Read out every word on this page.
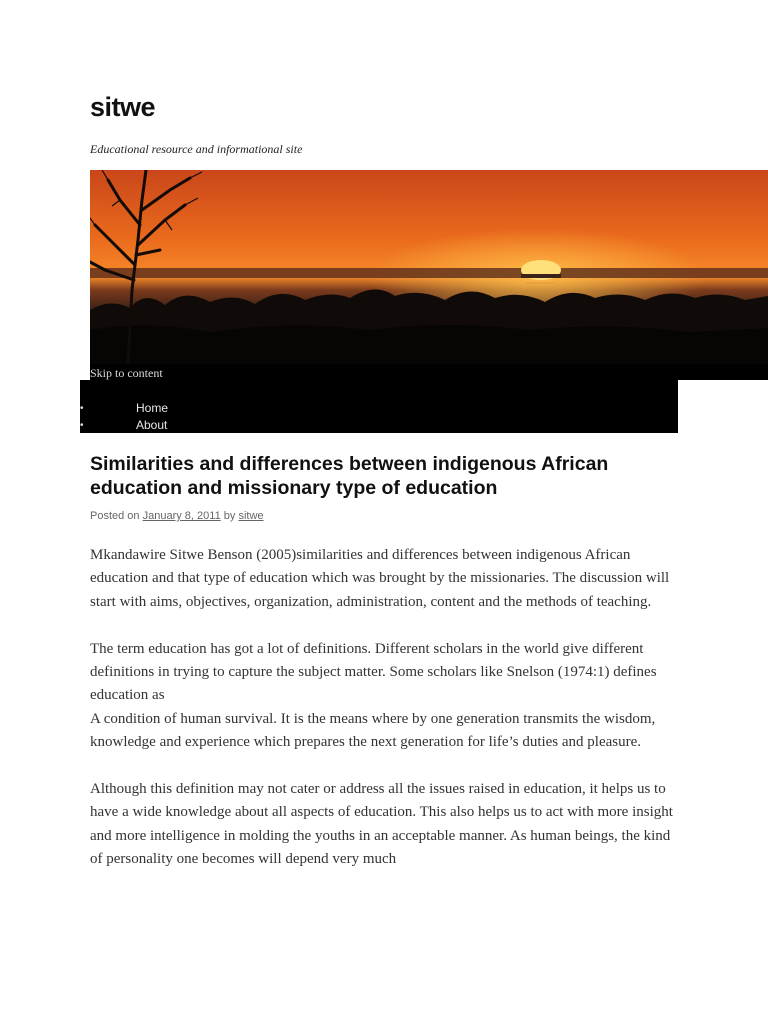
sitwe
Educational resource and informational site
Skip to content
•	Home
•	About
Similarities and differences between indigenous African education and missionary type of education
Posted on January 8, 2011 by sitwe

Mkandawire Sitwe Benson (2005)similarities and differences between indigenous African education and that type of education which was brought by the missionaries. The discussion will start with aims, objectives, organization, administration, content and the methods of teaching.

The term education has got a lot of definitions. Different scholars in the world give different definitions in trying to capture the subject matter. Some scholars like Snelson (1974:1) defines education as
A condition of human survival. It is the means where by one generation transmits the wisdom, knowledge and experience which prepares the next generation for life’s duties and pleasure.

Although this definition may not cater or address all the issues raised in education, it helps us to have a wide knowledge about all aspects of education. This also helps us to act with more insight and more intelligence in molding the youths in an acceptable manner. As human beings, the kind of personality one becomes will depend very much
